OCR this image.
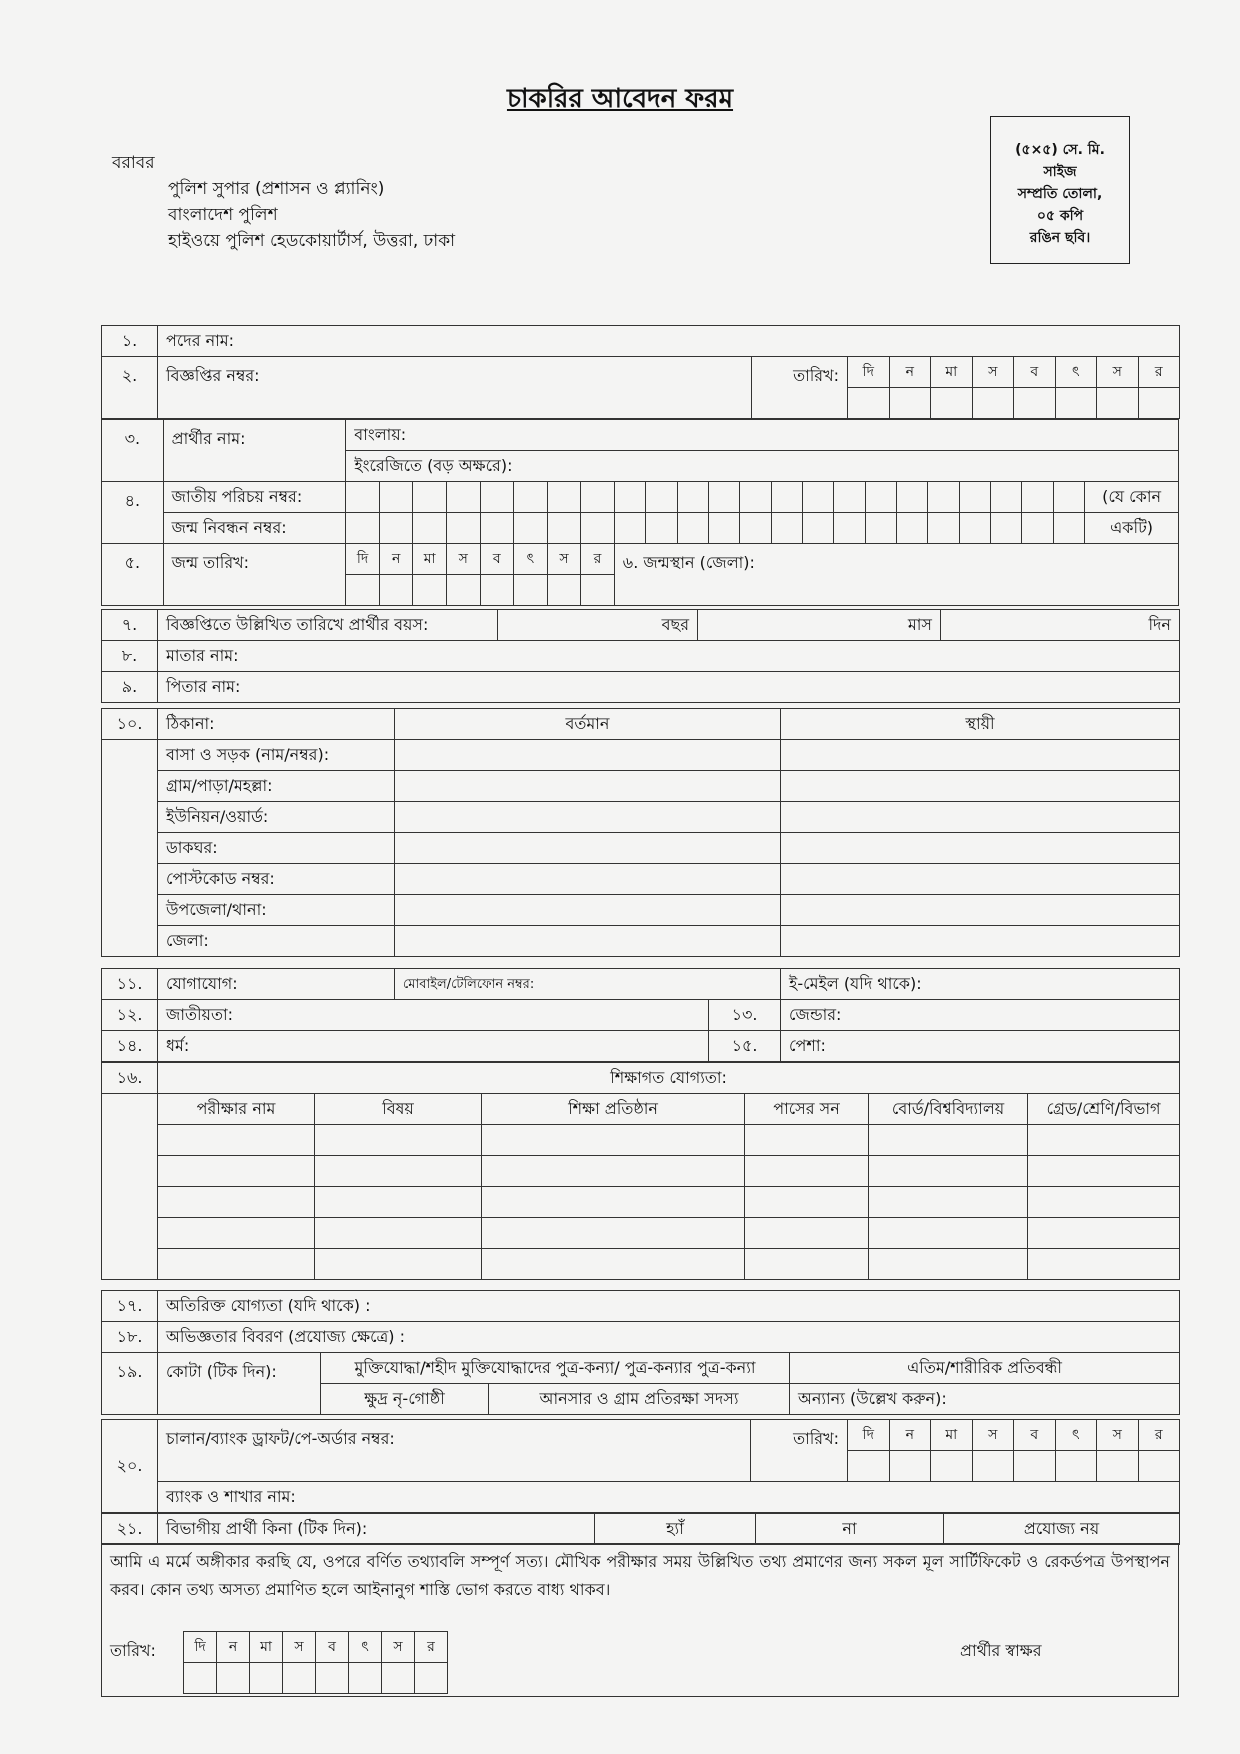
চাকরির আবেদন ফরম
বরাবর
পুলিশ সুপার (প্রশাসন ও প্ল্যানিং)
বাংলাদেশ পুলিশ
হাইওয়ে পুলিশ হেডকোয়ার্টার্স, উত্তরা, ঢাকা
(৫×৫) সে. মি.
সাইজ
সম্প্রতি তোলা,
০৫ কপি
রঙিন ছবি।
১.	পদের নাম:									
২.	বিজ্ঞপ্তির নম্বর:	তারিখ:	দি	ন	মা	স	ব	ৎ	স	র

৩.	প্রার্থীর নাম:	বাংলায়:																							
		ইংরেজিতে (বড় অক্ষরে):																							
৪.	জাতীয় পরিচয় নম্বর:																								(যে কোন
	জন্ম নিবন্ধন নম্বর:																								একটি)
৫.	জন্ম তারিখ:	দি	ন	মা	স	ব	ৎ	স	র	৬. জন্মস্থান (জেলা):															

৭.	বিজ্ঞপ্তিতে উল্লিখিত তারিখে প্রার্থীর বয়স:	বছর	মাস	দিন
৮.	মাতার নাম:			
৯.	পিতার নাম:			
১০.	ঠিকানা:	বর্তমান	স্থায়ী
	বাসা ও সড়ক (নাম/নম্বর):		
	গ্রাম/পাড়া/মহল্লা:		
	ইউনিয়ন/ওয়ার্ড:		
	ডাকঘর:		
	পোস্টকোড নম্বর:		
	উপজেলা/থানা:		
	জেলা:		
১১.	যোগাযোগ:	মোবাইল/টেলিফোন নম্বর:		ই-মেইল (যদি থাকে):
১২.	জাতীয়তা:		১৩.	জেন্ডার:
১৪.	ধর্ম:		১৫.	পেশা:
১৬.	শিক্ষাগত যোগ্যতা:					
	পরীক্ষার নাম	বিষয়	শিক্ষা প্রতিষ্ঠান	পাসের সন	বোর্ড/বিশ্ববিদ্যালয়	গ্রেড/শ্রেণি/বিভাগ

১৭.	অতিরিক্ত যোগ্যতা (যদি থাকে) :			
১৮.	অভিজ্ঞতার বিবরণ (প্রযোজ্য ক্ষেত্রে) :			
১৯.	কোটা (টিক দিন):	মুক্তিযোদ্ধা/শহীদ মুক্তিযোদ্ধাদের পুত্র-কন্যা/ পুত্র-কন্যার পুত্র-কন্যা		এতিম/শারীরিক প্রতিবন্ধী
		ক্ষুদ্র নৃ-গোষ্ঠী	আনসার ও গ্রাম প্রতিরক্ষা সদস্য	অন্যান্য (উল্লেখ করুন):
২০.	চালান/ব্যাংক ড্রাফট/পে-অর্ডার নম্বর:	তারিখ:	দি	ন	মা	স	ব	ৎ	স	র

	ব্যাংক ও শাখার নাম:									
২১.	বিভাগীয় প্রার্থী কিনা (টিক দিন):	হ্যাঁ	না	প্রযোজ্য নয়
আমি এ মর্মে অঙ্গীকার করছি যে, ওপরে বর্ণিত তথ্যাবলি সম্পূর্ণ সত্য। মৌখিক পরীক্ষার সময় উল্লিখিত তথ্য প্রমাণের জন্য সকল মূল সার্টিফিকেট ও রেকর্ডপত্র উপস্থাপন করব। কোন তথ্য অসত্য প্রমাণিত হলে আইনানুগ শাস্তি ভোগ করতে বাধ্য থাকব।
তারিখ:	দি	ন	মা	স	ব	ৎ	স	র
								প্রার্থীর স্বাক্ষর
